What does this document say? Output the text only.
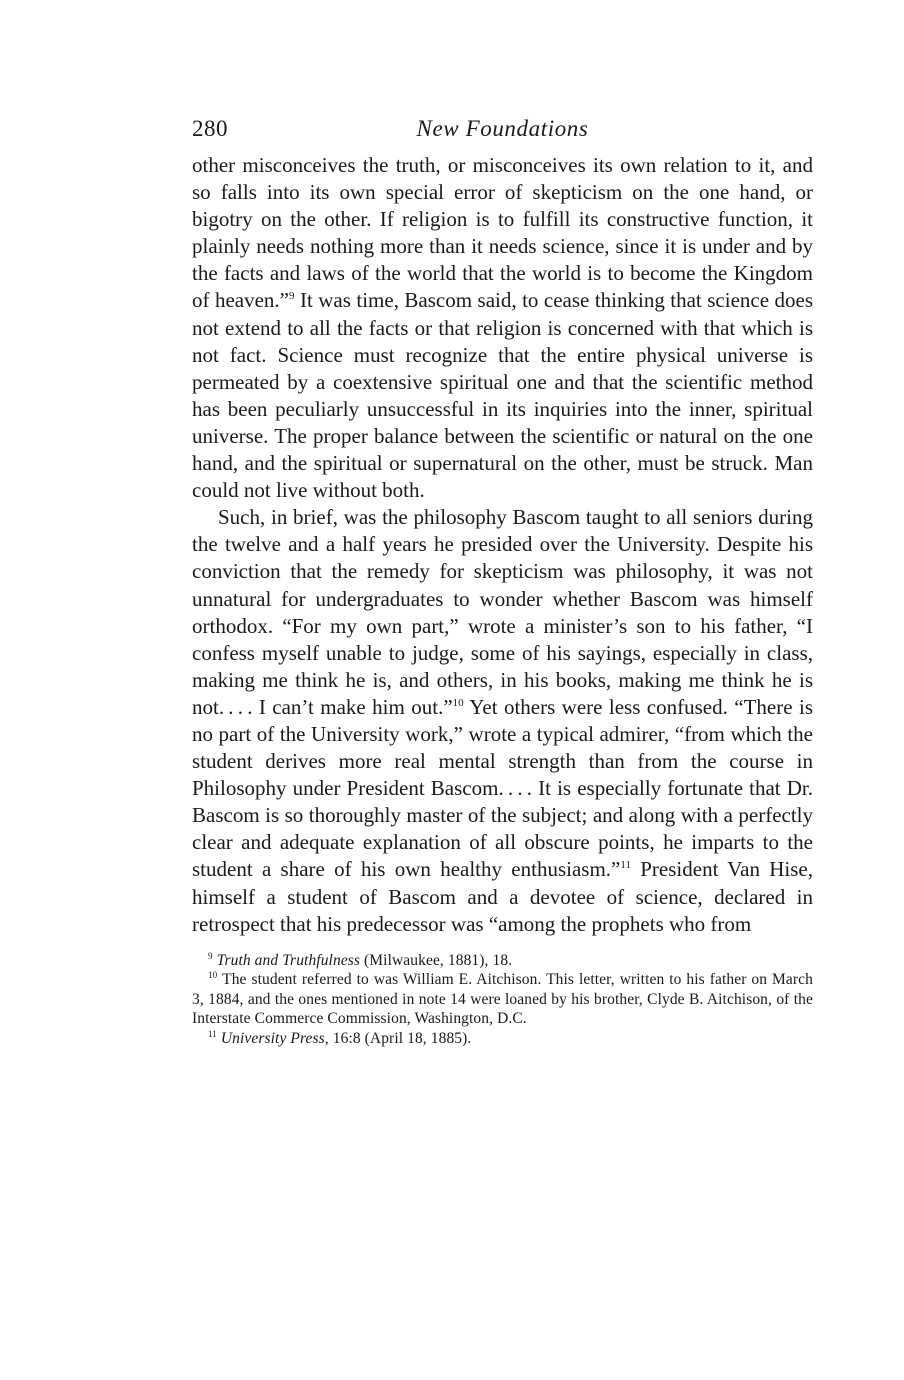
280	New Foundations

other misconceives the truth, or misconceives its own relation to it, and so falls into its own special error of skepticism on the one hand, or bigotry on the other. If religion is to fulfill its constructive function, it plainly needs nothing more than it needs science, since it is under and by the facts and laws of the world that the world is to become the Kingdom of heaven.”$^9$ It was time, Bascom said, to cease thinking that science does not extend to all the facts or that religion is concerned with that which is not fact. Science must recognize that the entire physical universe is permeated by a coextensive spiritual one and that the scientific method has been peculiarly unsuccessful in its inquiries into the inner, spiritual universe. The proper balance between the scientific or natural on the one hand, and the spiritual or supernatural on the other, must be struck. Man could not live without both.

Such, in brief, was the philosophy Bascom taught to all seniors during the twelve and a half years he presided over the University. Despite his conviction that the remedy for skepticism was philosophy, it was not unnatural for undergraduates to wonder whether Bascom was himself orthodox. “For my own part,” wrote a minister’s son to his father, “I confess myself unable to judge, some of his sayings, especially in class, making me think he is, and others, in his books, making me think he is not. . . . I can’t make him out.”$^{10}$ Yet others were less confused. “There is no part of the University work,” wrote a typical admirer, “from which the student derives more real mental strength than from the course in Philosophy under President Bascom. . . . It is especially fortunate that Dr. Bascom is so thoroughly master of the subject; and along with a perfectly clear and adequate explanation of all obscure points, he imparts to the student a share of his own healthy enthusiasm.”$^{11}$ President Van Hise, himself a student of Bascom and a devotee of science, declared in retrospect that his predecessor was “among the prophets who from

$^9$ Truth and Truthfulness (Milwaukee, 1881), 18.

$^{10}$ The student referred to was William E. Aitchison. This letter, written to his father on March 3, 1884, and the ones mentioned in note 14 were loaned by his brother, Clyde B. Aitchison, of the Interstate Commerce Commission, Washington, D.C.

$^{11}$ University Press, 16:8 (April 18, 1885).
